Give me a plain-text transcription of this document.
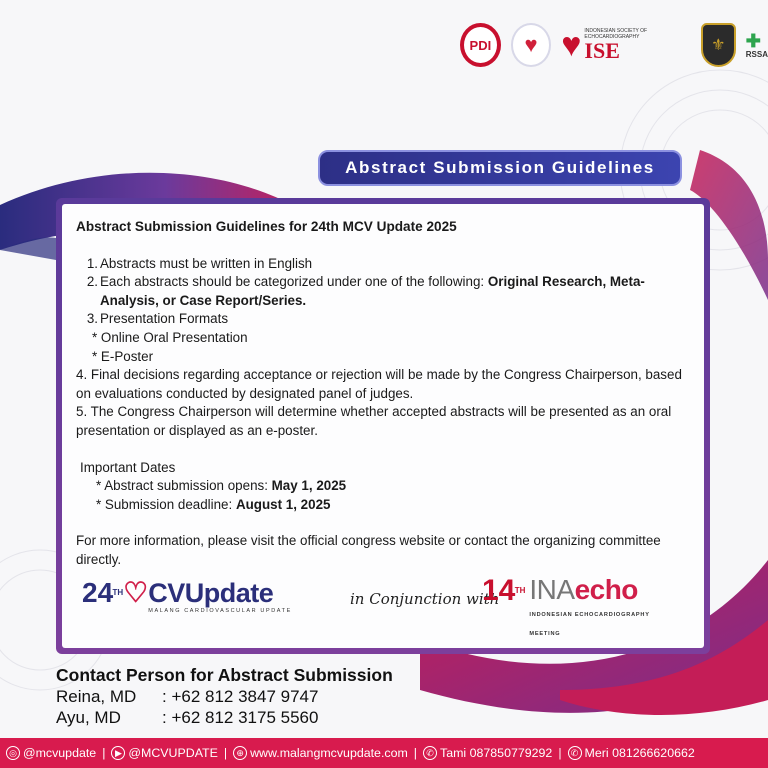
PDI	♥ ♥ INDONESIAN SOCIETY OF ECHOCARDIOGRAPHY
ISE	⚜	✚
RSSA
Abstract Submission Guidelines
Abstract Submission Guidelines for 24th MCV Update 2025
1. Abstracts must be written in English
2. Each abstracts should be categorized under one of the following: Original Research, Meta-Analysis, or Case Report/Series.
3. Presentation Formats
* Online Oral Presentation
* E-Poster
4. Final decisions regarding acceptance or rejection will be made by the Congress Chairperson, based on evaluations conducted by designated panel of judges.
5. The Congress Chairperson will determine whether accepted abstracts will be presented as an oral presentation or displayed as an e-poster.
Important Dates
* Abstract submission opens: May 1, 2025
* Submission deadline: August 1, 2025
For more information, please visit the official congress website or contact the organizing committee directly.
24 TH ♡ CVUpdate
MALANG CARDIOVASCULAR UPDATE
in Conjunction with
14 TH INAecho
INDONESIAN ECHOCARDIOGRAPHY MEETING
Contact Person for Abstract Submission
Reina, MD	: +62 812 3847 9747
Ayu, MD	: +62 812 3175 5560
◎ @mcvupdate |	▶ @MCVUPDATE |	⊕ www.malangmcvupdate.com |	✆ Tami 087850779292 |	✆ Meri 081266620662
